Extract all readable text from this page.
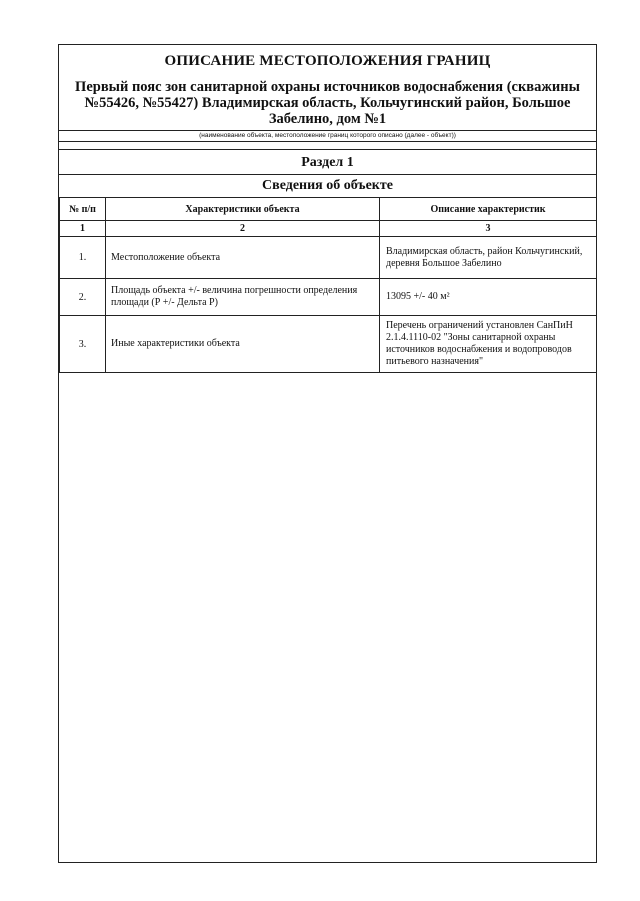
ОПИСАНИЕ МЕСТОПОЛОЖЕНИЯ ГРАНИЦ
Первый пояс зон санитарной охраны источников водоснабжения (скважины №55426, №55427) Владимирская область, Кольчугинский район, Большое Забелино, дом №1
(наименование объекта, местоположение границ которого описано (далее - объект))
Раздел 1
Сведения об объекте
№ п/п	Характеристики объекта	Описание характеристик
1	2	3
1.	Местоположение объекта	Владимирская область, район Кольчугинский, деревня Большое Забелино
2.	Площадь объекта +/- величина погрешности определения площади (Р +/- Дельта Р)	13095 +/- 40 м²
3.	Иные характеристики объекта	Перечень ограничений установлен СанПиН 2.1.4.1110-02 "Зоны санитарной охраны источников водоснабжения и водопроводов питьевого назначения"
